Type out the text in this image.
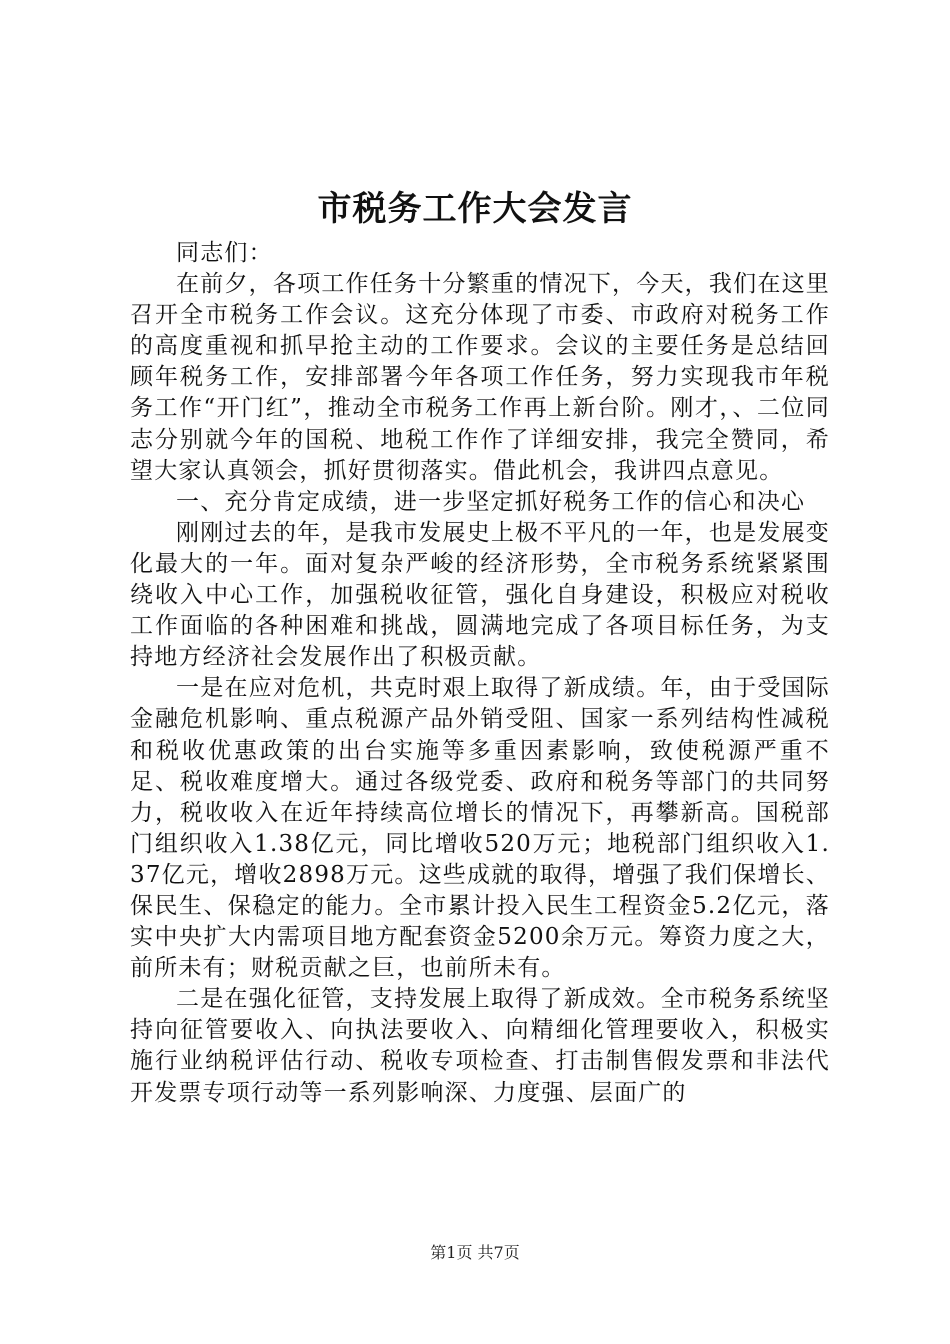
市税务工作大会发言

同志们：

在前夕，各项工作任务十分繁重的情况下，今天，我们在这里召开全市税务工作会议。这充分体现了市委、市政府对税务工作的高度重视和抓早抢主动的工作要求。会议的主要任务是总结回顾年税务工作，安排部署今年各项工作任务，努力实现我市年税务工作“开门红”，推动全市税务工作再上新台阶。刚才，、二位同志分别就今年的国税、地税工作作了详细安排，我完全赞同，希望大家认真领会，抓好贯彻落实。借此机会，我讲四点意见。

一、充分肯定成绩，进一步坚定抓好税务工作的信心和决心

刚刚过去的年，是我市发展史上极不平凡的一年，也是发展变化最大的一年。面对复杂严峻的经济形势，全市税务系统紧紧围绕收入中心工作，加强税收征管，强化自身建设，积极应对税收工作面临的各种困难和挑战，圆满地完成了各项目标任务，为支持地方经济社会发展作出了积极贡献。

一是在应对危机，共克时艰上取得了新成绩。年，由于受国际金融危机影响、重点税源产品外销受阻、国家一系列结构性减税和税收优惠政策的出台实施等多重因素影响，致使税源严重不足、税收难度增大。通过各级党委、政府和税务等部门的共同努力，税收收入在近年持续高位增长的情况下，再攀新高。国税部门组织收入1.38亿元，同比增收520万元；地税部门组织收入1.37亿元，增收2898万元。这些成就的取得，增强了我们保增长、保民生、保稳定的能力。全市累计投入民生工程资金5.2亿元，落实中央扩大内需项目地方配套资金5200余万元。筹资力度之大，前所未有；财税贡献之巨，也前所未有。

二是在强化征管，支持发展上取得了新成效。全市税务系统坚持向征管要收入、向执法要收入、向精细化管理要收入，积极实施行业纳税评估行动、税收专项检查、打击制售假发票和非法代开发票专项行动等一系列影响深、力度强、层面广的

第1页 共7页
